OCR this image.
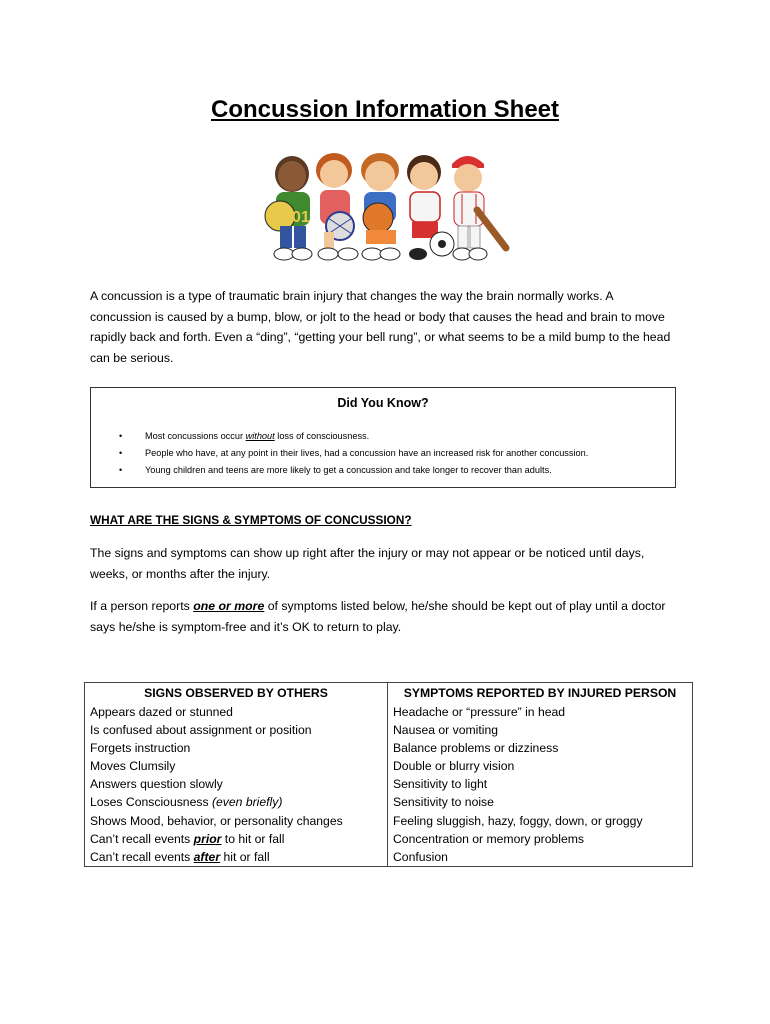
Concussion Information Sheet
01
A concussion is a type of traumatic brain injury that changes the way the brain normally works. A concussion is caused by a bump, blow, or jolt to the head or body that causes the head and brain to move rapidly back and forth. Even a “ding”, “getting your bell rung”, or what seems to be a mild bump to the head can be serious.
Did You Know?
• Most concussions occur without loss of consciousness.
• People who have, at any point in their lives, had a concussion have an increased risk for another concussion.
• Young children and teens are more likely to get a concussion and take longer to recover than adults.
WHAT ARE THE SIGNS & SYMPTOMS OF CONCUSSION?
The signs and symptoms can show up right after the injury or may not appear or be noticed until days, weeks, or months after the injury.
If a person reports one or more of symptoms listed below, he/she should be kept out of play until a doctor says he/she is symptom-free and it’s OK to return to play.
SIGNS OBSERVED BY OTHERS	SYMPTOMS REPORTED BY INJURED PERSON
Appears dazed or stunned	Headache or “pressure” in head
Is confused about assignment or position	Nausea or vomiting
Forgets instruction	Balance problems or dizziness
Moves Clumsily	Double or blurry vision
Answers question slowly	Sensitivity to light
Loses Consciousness (even briefly)	Sensitivity to noise
Shows Mood, behavior, or personality changes	Feeling sluggish, hazy, foggy, down, or groggy
Can’t recall events prior to hit or fall	Concentration or memory problems
Can’t recall events after hit or fall	Confusion
